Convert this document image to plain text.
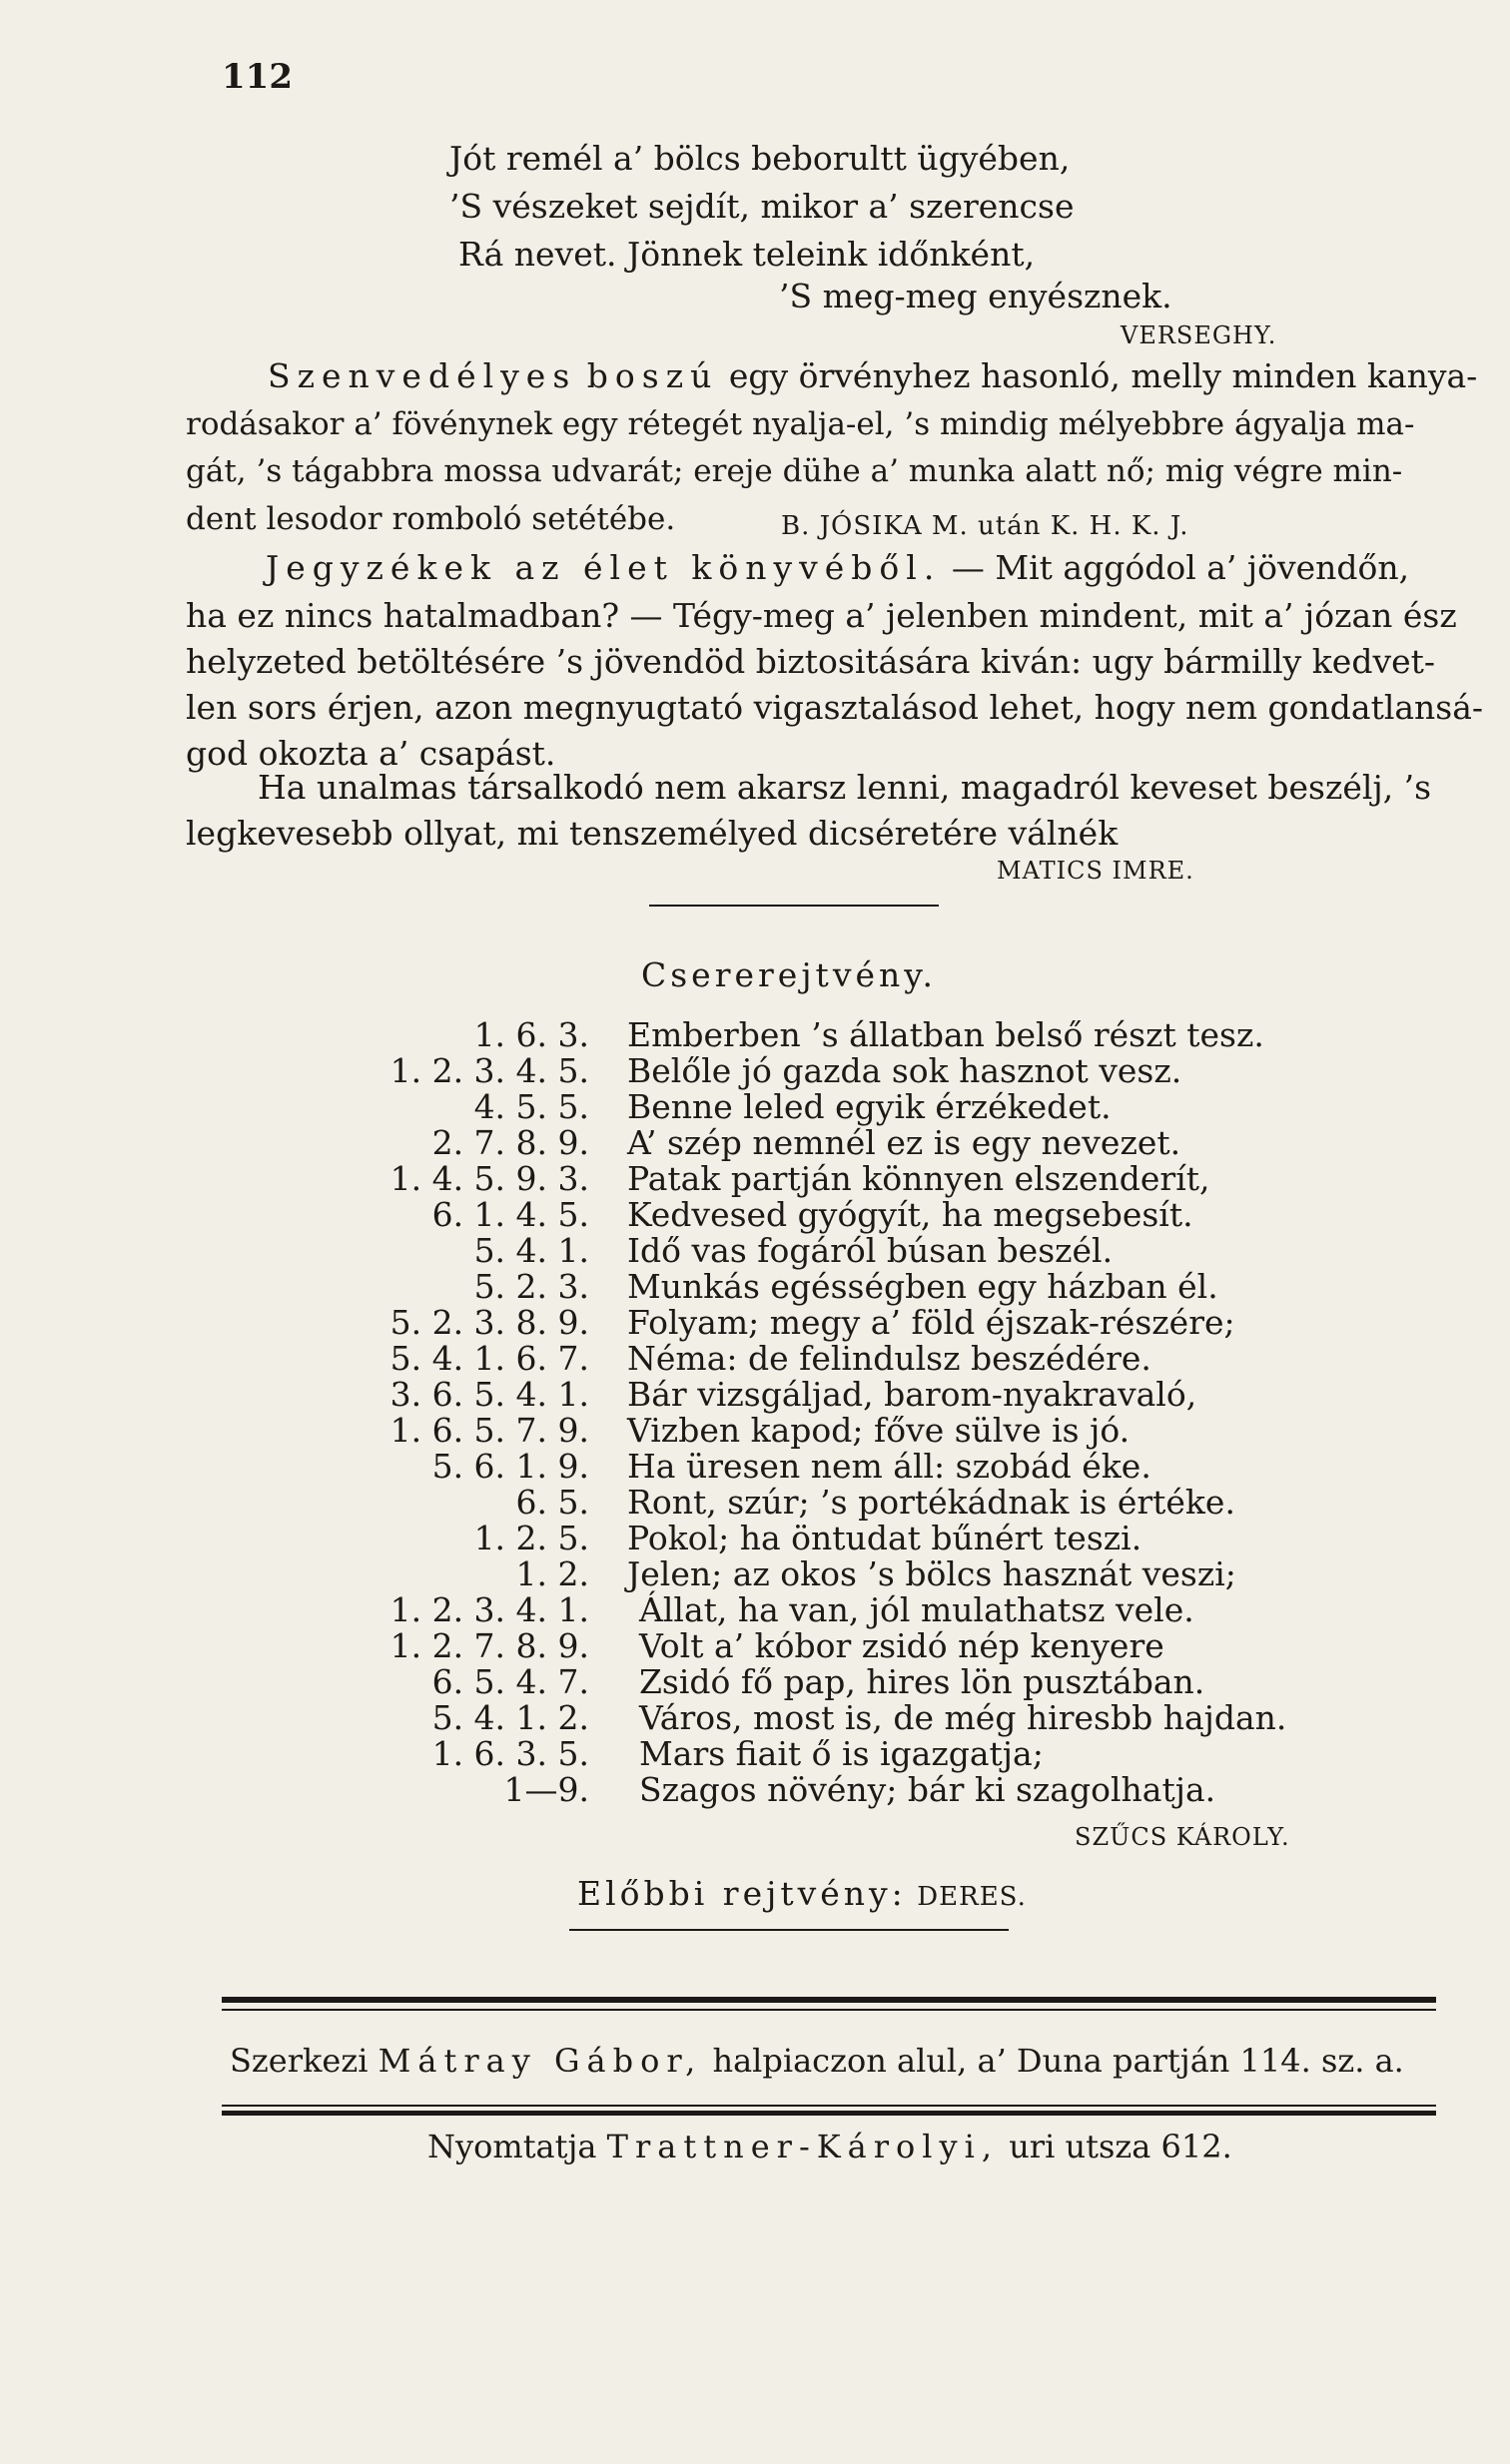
112
Jót remél a’ bölcs beborultt ügyében,
’S vészeket sejdít, mikor a’ szerencse
Rá nevet. Jönnek teleink időnként,
’S meg-meg enyésznek.
VERSEGHY.
Szenvedélyes boszú egy örvényhez hasonló, melly minden kanya-
rodásakor a’ fövénynek egy rétegét nyalja-el, ’s mindig mélyebbre ágyalja ma-
gát, ’s tágabbra mossa udvarát; ereje dühe a’ munka alatt nő; mig végre min-
dent lesodor romboló setétébe.	B. JÓSIKA M. után K. H. K. J.
Jegyzékek az élet könyvéből. — Mit aggódol a’ jövendőn,
ha ez nincs hatalmadban? — Tégy-meg a’ jelenben mindent, mit a’ józan ész
helyzeted betöltésére ’s jövendöd biztositására kiván: ugy bármilly kedvet-
len sors érjen, azon megnyugtató vigasztalásod lehet, hogy nem gondatlansá-
god okozta a’ csapást.
Ha unalmas társalkodó nem akarsz lenni, magadról keveset beszélj, ’s
legkevesebb ollyat, mi tenszemélyed dicséretére válnék
MATICS IMRE.
Csererejtvény.
1. 6. 3. Emberben ’s állatban belső részt tesz.
1. 2. 3. 4. 5. Belőle jó gazda sok hasznot vesz.
4. 5. 5. Benne leled egyik érzékedet.
2. 7. 8. 9. A’ szép nemnél ez is egy nevezet.
1. 4. 5. 9. 3. Patak partján könnyen elszenderít,
6. 1. 4. 5. Kedvesed gyógyít, ha megsebesít.
5. 4. 1. Idő vas fogáról búsan beszél.
5. 2. 3. Munkás egésségben egy házban él.
5. 2. 3. 8. 9. Folyam; megy a’ föld éjszak-részére;
5. 4. 1. 6. 7. Néma: de felindulsz beszédére.
3. 6. 5. 4. 1. Bár vizsgáljad, barom-nyakravaló,
1. 6. 5. 7. 9. Vizben kapod; főve sülve is jó.
5. 6. 1. 9. Ha üresen nem áll: szobád éke.
6. 5. Ront, szúr; ’s portékádnak is értéke.
1. 2. 5. Pokol; ha öntudat bűnért teszi.
1. 2. Jelen; az okos ’s bölcs hasznát veszi;
1. 2. 3. 4. 1. Állat, ha van, jól mulathatsz vele.
1. 2. 7. 8. 9. Volt a’ kóbor zsidó nép kenyere
6. 5. 4. 7. Zsidó fő pap, hires lön pusztában.
5. 4. 1. 2. Város, most is, de még hiresbb hajdan.
1. 6. 3. 5. Mars fiait ő is igazgatja;
1—9. Szagos növény; bár ki szagolhatja.
SZŰCS KÁROLY.
Előbbi rejtvény: DERES.
Szerkezi Mátray Gábor, halpiaczon alul, a’ Duna partján 114. sz. a.
Nyomtatja Trattner-Károlyi, uri utsza 612.
